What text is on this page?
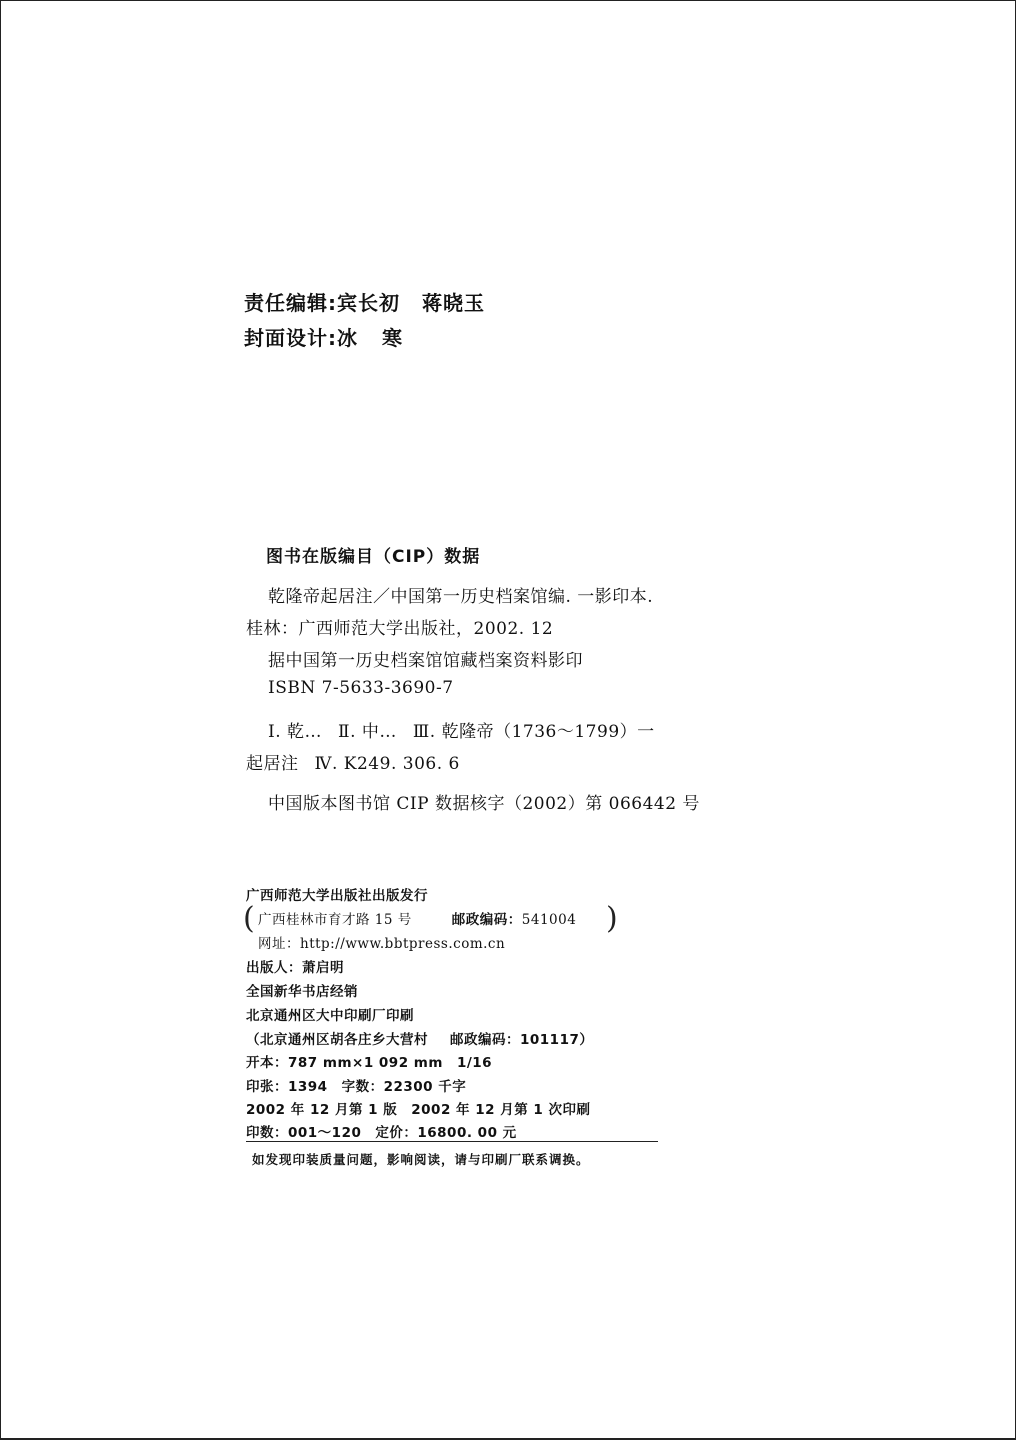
责任编辑:宾长初 蒋晓玉
封面设计:冰 寒
图书在版编目（CIP）数据
乾隆帝起居注／中国第一历史档案馆编. 一影印本.
桂林：广西师范大学出版社，2002. 12
据中国第一历史档案馆馆藏档案资料影印
ISBN 7-5633-3690-7
Ⅰ. 乾… Ⅱ. 中… Ⅲ. 乾隆帝（1736～1799）一
起居注 Ⅳ. K249. 306. 6
中国版本图书馆 CIP 数据核字（2002）第 066442 号
广西师范大学出版社出版发行
( 广西桂林市育才路 15 号	邮政编码：541004 )
网址：http://www.bbtpress.com.cn
出版人：萧启明
全国新华书店经销
北京通州区大中印刷厂印刷
（北京通州区胡各庄乡大营村 邮政编码：101117）
开本：787 mm×1 092 mm 1/16
印张：1394 字数：22300 千字
2002 年 12 月第 1 版 2002 年 12 月第 1 次印刷
印数：001～120 定价：16800. 00 元
如发现印装质量问题，影响阅读，请与印刷厂联系调换。
